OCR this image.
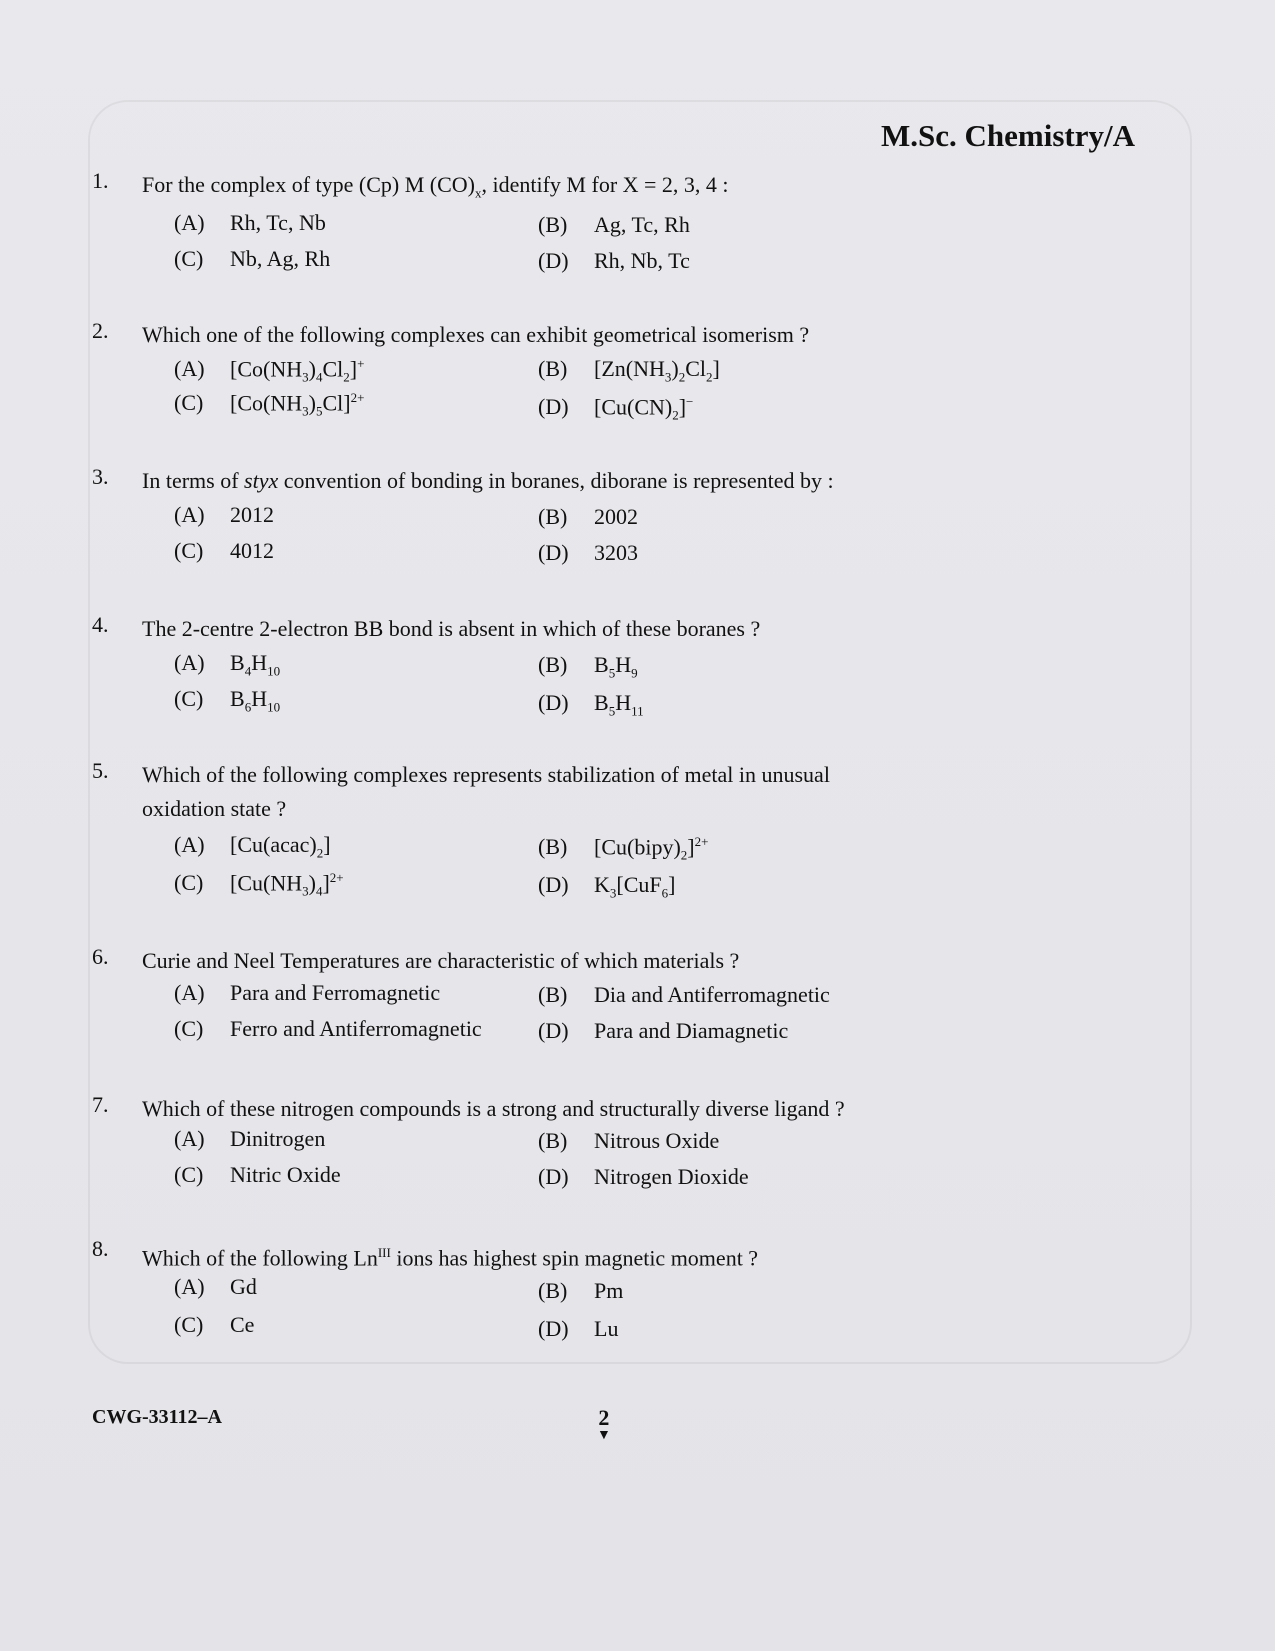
M.Sc. Chemistry/A
1. For the complex of type (Cp) M $(CO)_x$, identify M for X = 2, 3, 4 :
(A) Rh, Tc, Nb	(B) Ag, Tc, Rh
(C) Nb, Ag, Rh	(D) Rh, Nb, Tc
2. Which one of the following complexes can exhibit geometrical isomerism ?
(A) $[Co(NH_3)_4Cl_2]^+$	(B) $[Zn(NH_3)_2Cl_2]$
(C) $[Co(NH_3)_5Cl]^{2+}$	(D) $[Cu(CN)_2]^-$
3. In terms of styx convention of bonding in boranes, diborane is represented by :
(A) 2012	(B) 2002
(C) 4012	(D) 3203
4. The 2-centre 2-electron BB bond is absent in which of these boranes ?
(A) $B_4H_{10}$	(B) $B_5H_9$
(C) $B_6H_{10}$	(D) $B_5H_{11}$
5. Which of the following complexes represents stabilization of metal in unusual oxidation state ?
(A) $[Cu(acac)_2]$	(B) $[Cu(bipy)_2]^{2+}$
(C) $[Cu(NH_3)_4]^{2+}$	(D) $K_3[CuF_6]$
6. Curie and Neel Temperatures are characteristic of which materials ?
(A) Para and Ferromagnetic	(B) Dia and Antiferromagnetic
(C) Ferro and Antiferromagnetic	(D) Para and Diamagnetic
7. Which of these nitrogen compounds is a strong and structurally diverse ligand ?
(A) Dinitrogen	(B) Nitrous Oxide
(C) Nitric Oxide	(D) Nitrogen Dioxide
8. Which of the following $Ln^{III}$ ions has highest spin magnetic moment ?
(A) Gd	(B) Pm
(C) Ce	(D) Lu
CWG-33112–A	2
▼
